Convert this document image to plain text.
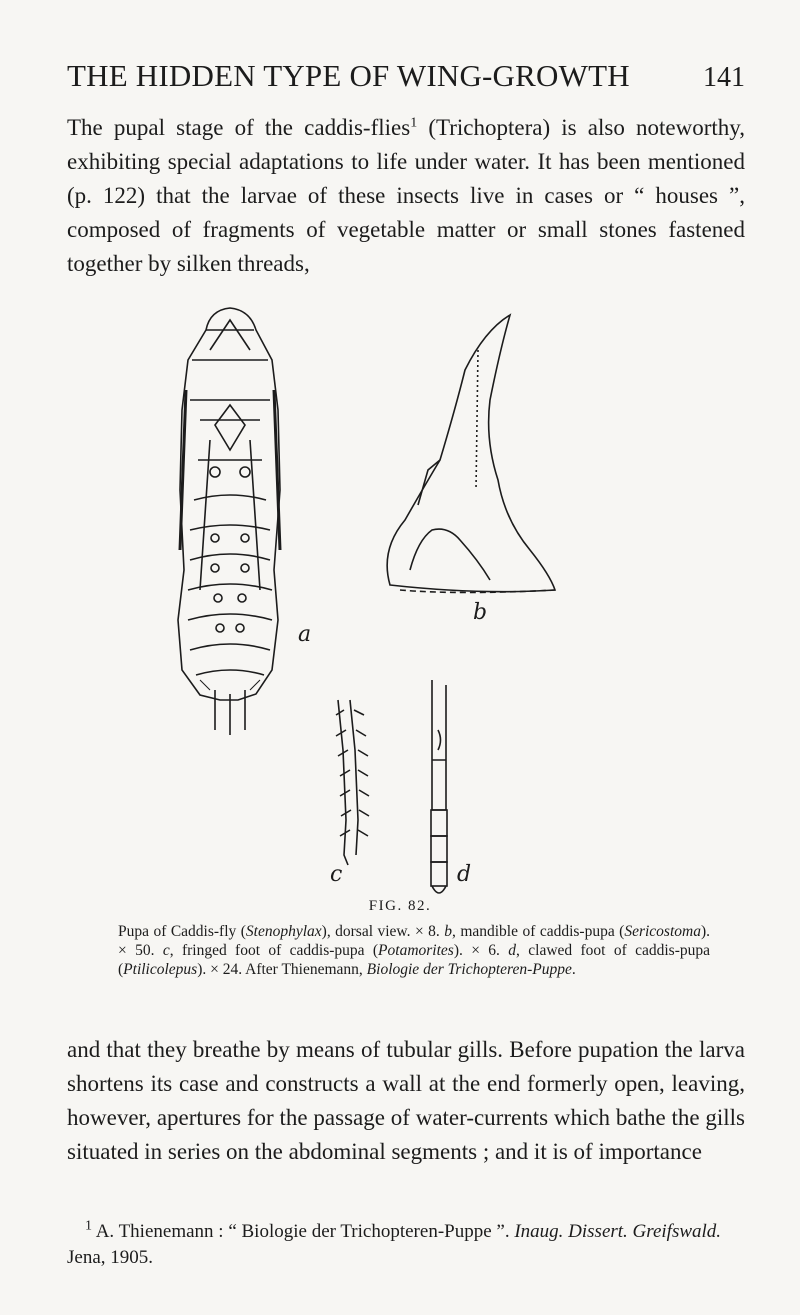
THE HIDDEN TYPE OF WING-GROWTH	141

The pupal stage of the caddis-flies$^1$ (Trichoptera) is also noteworthy, exhibiting special adaptations to life under water. It has been mentioned (p. 122) that the larvae of these insects live in cases or “ houses ”, composed of fragments of vegetable matter or small stones fastened together by silken threads,

a
b
c	d
FIG. 82.

Pupa of Caddis-fly (Stenophylax), dorsal view. × 8. b, mandible of caddis-pupa (Sericostoma). × 50. c, fringed foot of caddis-pupa (Potamorites). × 6. d, clawed foot of caddis-pupa (Ptilicolepus). × 24. After Thienemann, Biologie der Trichopteren-Puppe.

and that they breathe by means of tubular gills. Before pupation the larva shortens its case and constructs a wall at the end formerly open, leaving, however, apertures for the passage of water-currents which bathe the gills situated in series on the abdominal segments ; and it is of importance

$^1$ A. Thienemann : “ Biologie der Trichopteren-Puppe ”. Inaug. Dissert. Greifswald. Jena, 1905.
